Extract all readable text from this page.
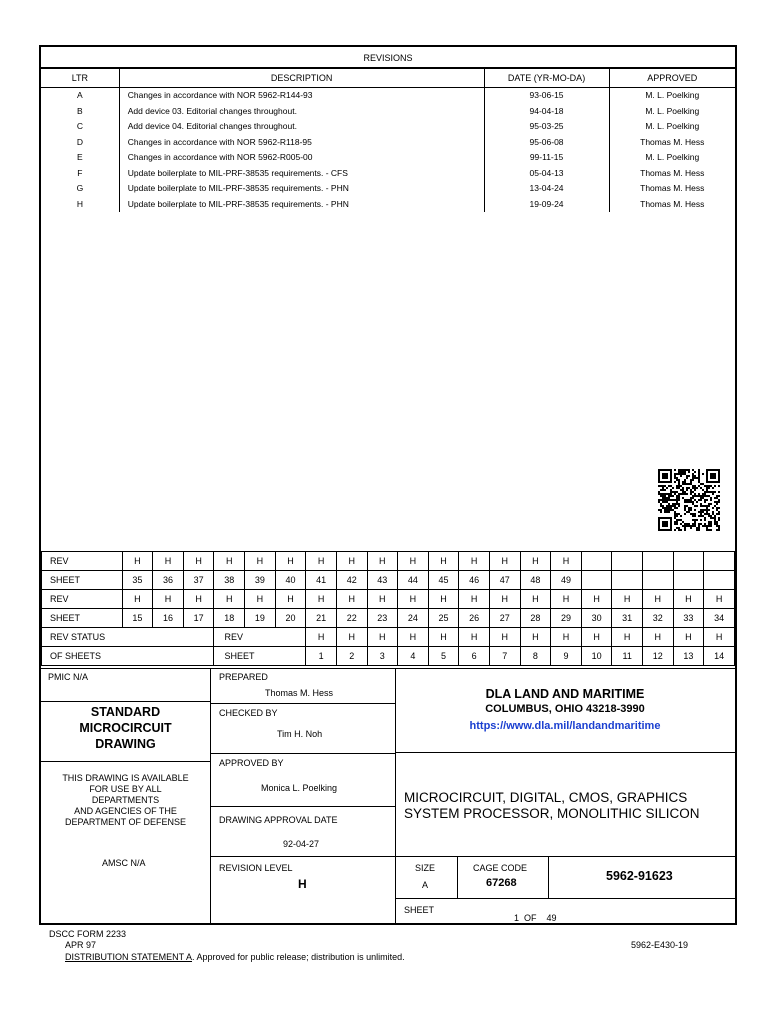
REVISIONS
LTR	DESCRIPTION	DATE (YR-MO-DA)	APPROVED
A	Changes in accordance with NOR 5962-R144-93	93-06-15	M. L. Poelking
B	Add device 03. Editorial changes throughout.	94-04-18	M. L. Poelking
C	Add device 04. Editorial changes throughout.	95-03-25	M. L. Poelking
D	Changes in accordance with NOR 5962-R118-95	95-06-08	Thomas M. Hess
E	Changes in accordance with NOR 5962-R005-00	99-11-15	M. L. Poelking
F	Update boilerplate to MIL-PRF-38535 requirements. - CFS	05-04-13	Thomas M. Hess
G	Update boilerplate to MIL-PRF-38535 requirements. - PHN	13-04-24	Thomas M. Hess
H	Update boilerplate to MIL-PRF-38535 requirements. - PHN	19-09-24	Thomas M. Hess
REV	H	H	H	H	H	H	H	H	H	H	H	H	H	H	H					
SHEET	35	36	37	38	39	40	41	42	43	44	45	46	47	48	49					
REV	H	H	H	H	H	H	H	H	H	H	H	H	H	H	H	H	H	H	H	H
SHEET	15	16	17	18	19	20	21	22	23	24	25	26	27	28	29	30	31	32	33	34
REV STATUS				REV			H	H	H	H	H	H	H	H	H	H	H	H	H	H
OF SHEETS				SHEET			1	2	3	4	5	6	7	8	9	10	11	12	13	14
PMIC N/A	PREPARED
Thomas M. Hess
STANDARD
MICROCIRCUIT
DRAWING
CHECKED BY
Tim H. Noh
APPROVED BY
Monica L. Poelking
THIS DRAWING IS AVAILABLE
FOR USE BY ALL
DEPARTMENTS
AND AGENCIES OF THE
DEPARTMENT OF DEFENSE
AMSC N/A
DRAWING APPROVAL DATE
92-04-27
REVISION LEVEL
H
DLA LAND AND MARITIME
COLUMBUS, OHIO 43218-3990
https://www.dla.mil/landandmaritime
MICROCIRCUIT, DIGITAL, CMOS, GRAPHICS
SYSTEM PROCESSOR, MONOLITHIC SILICON
SIZE
A
CAGE CODE
67268	5962-91623
SHEET
1  OF    49
DSCC FORM 2233
APR 97
DISTRIBUTION STATEMENT A. Approved for public release; distribution is unlimited.
5962-E430-19
